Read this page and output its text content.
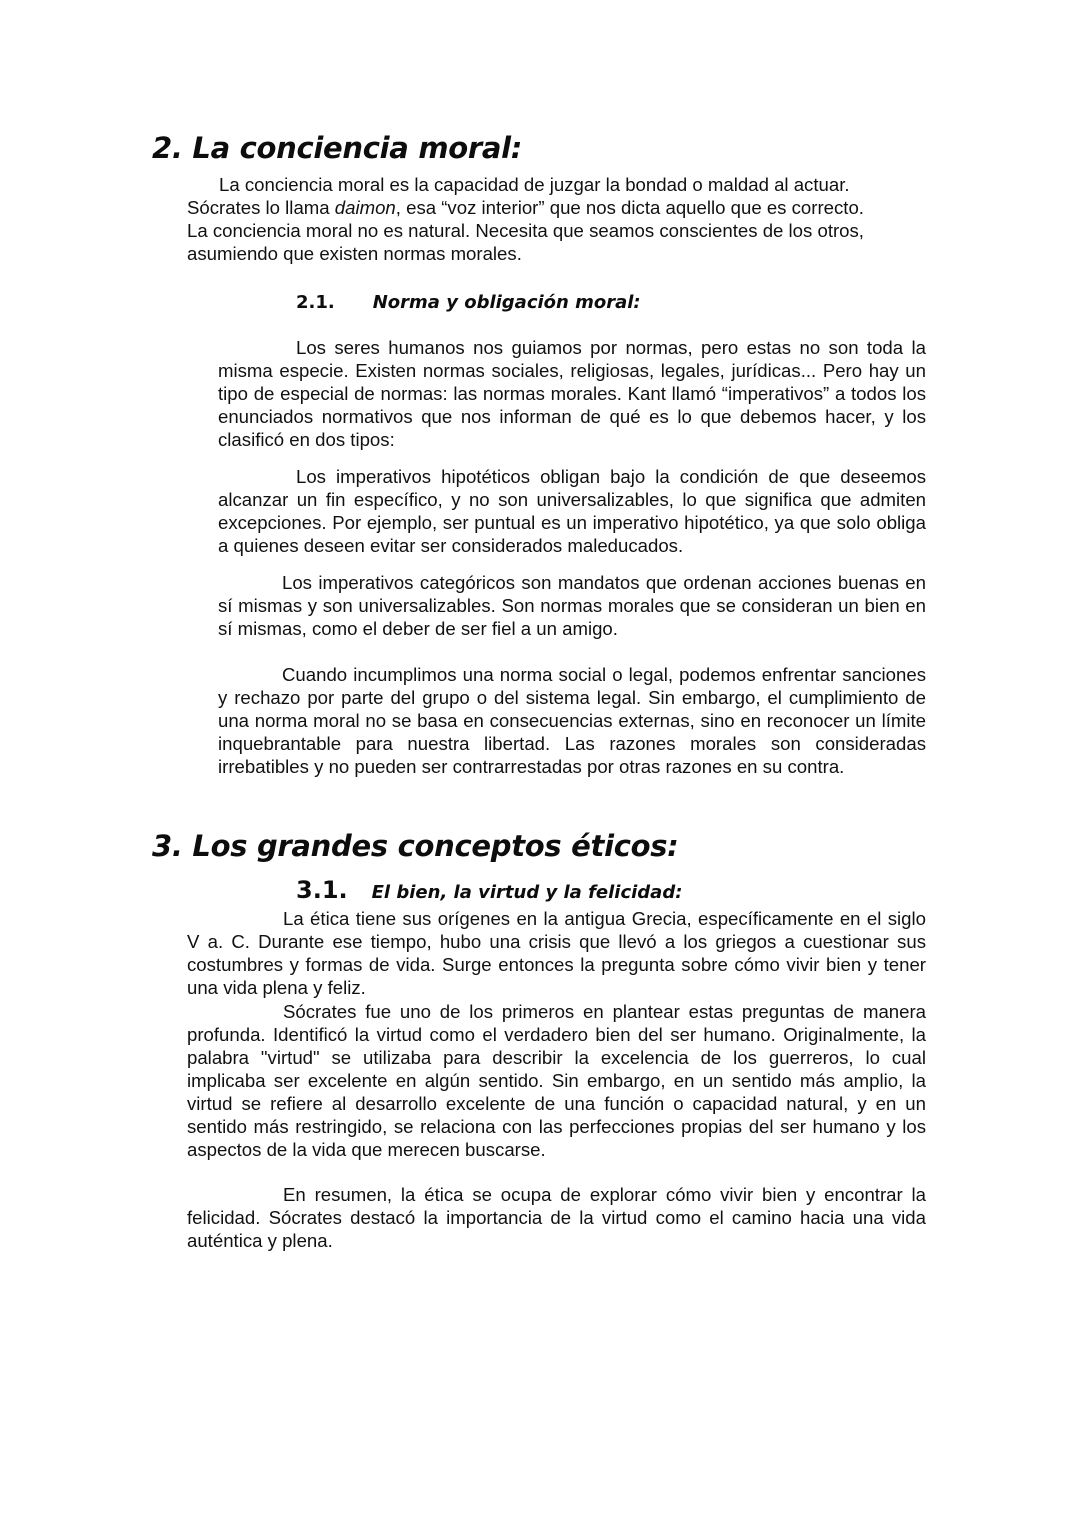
2. La conciencia moral:

La conciencia moral es la capacidad de juzgar la bondad o maldad al actuar.
Sócrates lo llama daimon, esa “voz interior” que nos dicta aquello que es correcto.
La conciencia moral no es natural. Necesita que seamos conscientes de los otros, asumiendo que existen normas morales.

2.1. Norma y obligación moral:

Los seres humanos nos guiamos por normas, pero estas no son toda la misma especie. Existen normas sociales, religiosas, legales, jurídicas... Pero hay un tipo de especial de normas: las normas morales. Kant llamó “imperativos” a todos los enunciados normativos que nos informan de qué es lo que debemos hacer, y los clasificó en dos tipos:

Los imperativos hipotéticos obligan bajo la condición de que deseemos alcanzar un fin específico, y no son universalizables, lo que significa que admiten excepciones. Por ejemplo, ser puntual es un imperativo hipotético, ya que solo obliga a quienes deseen evitar ser considerados maleducados.

Los imperativos categóricos son mandatos que ordenan acciones buenas en sí mismas y son universalizables. Son normas morales que se consideran un bien en sí mismas, como el deber de ser fiel a un amigo.

Cuando incumplimos una norma social o legal, podemos enfrentar sanciones y rechazo por parte del grupo o del sistema legal. Sin embargo, el cumplimiento de una norma moral no se basa en consecuencias externas, sino en reconocer un límite inquebrantable para nuestra libertad. Las razones morales son consideradas irrebatibles y no pueden ser contrarrestadas por otras razones en su contra.

3. Los grandes conceptos éticos:
3.1. El bien, la virtud y la felicidad:

La ética tiene sus orígenes en la antigua Grecia, específicamente en el siglo V a. C. Durante ese tiempo, hubo una crisis que llevó a los griegos a cuestionar sus costumbres y formas de vida. Surge entonces la pregunta sobre cómo vivir bien y tener una vida plena y feliz.

Sócrates fue uno de los primeros en plantear estas preguntas de manera profunda. Identificó la virtud como el verdadero bien del ser humano. Originalmente, la palabra "virtud" se utilizaba para describir la excelencia de los guerreros, lo cual implicaba ser excelente en algún sentido. Sin embargo, en un sentido más amplio, la virtud se refiere al desarrollo excelente de una función o capacidad natural, y en un sentido más restringido, se relaciona con las perfecciones propias del ser humano y los aspectos de la vida que merecen buscarse.

En resumen, la ética se ocupa de explorar cómo vivir bien y encontrar la felicidad. Sócrates destacó la importancia de la virtud como el camino hacia una vida auténtica y plena.
